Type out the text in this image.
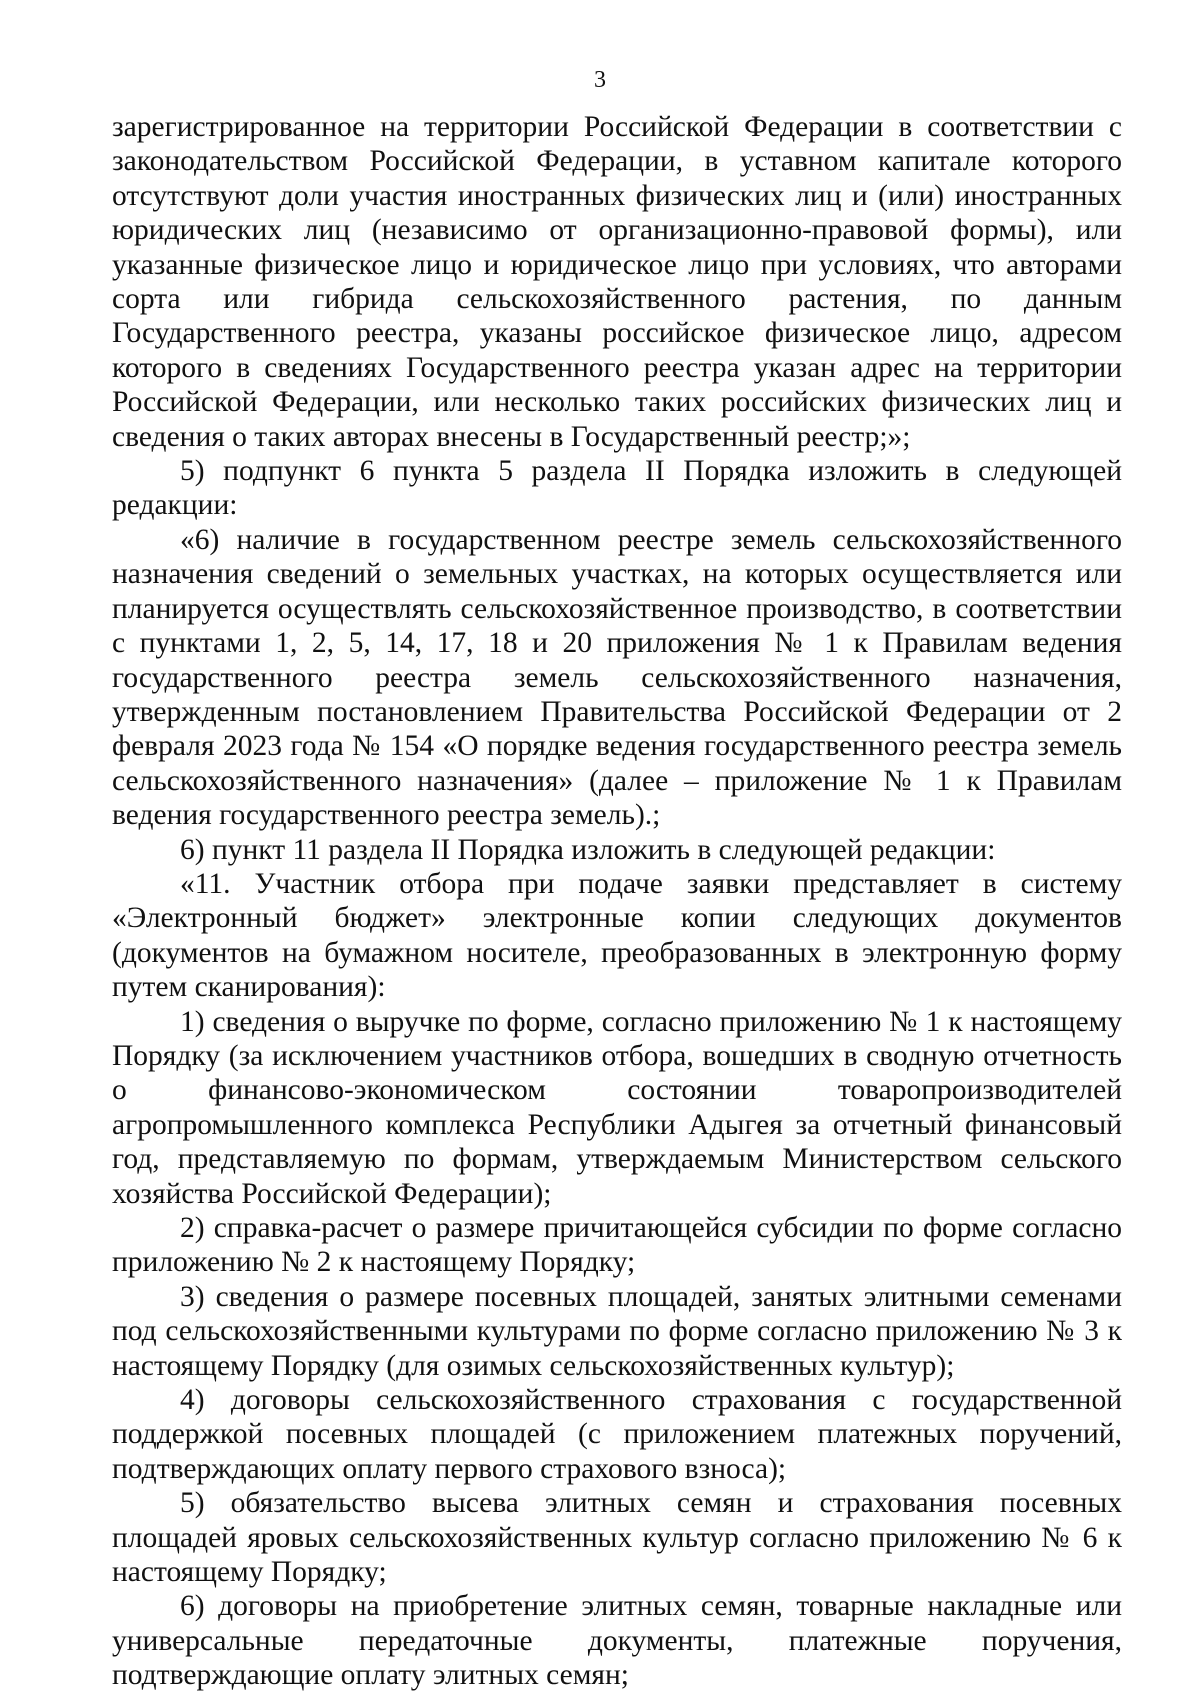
3

зарегистрированное на территории Российской Федерации в соответствии с законодательством Российской Федерации, в уставном капитале которого отсутствуют доли участия иностранных физических лиц и (или) иностранных юридических лиц (независимо от организационно-правовой формы), или указанные физическое лицо и юридическое лицо при условиях, что авторами сорта или гибрида сельскохозяйственного растения, по данным Государственного реестра, указаны российское физическое лицо, адресом которого в сведениях Государственного реестра указан адрес на территории Российской Федерации, или несколько таких российских физических лиц и сведения о таких авторах внесены в Государственный реестр;»;

5) подпункт 6 пункта 5 раздела II Порядка изложить в следующей редакции:

«6) наличие в государственном реестре земель сельскохозяйственного назначения сведений о земельных участках, на которых осуществляется или планируется осуществлять сельскохозяйственное производство, в соответствии с пунктами 1, 2, 5, 14, 17, 18 и 20 приложения № 1 к Правилам ведения государственного реестра земель сельскохозяйственного назначения, утвержденным постановлением Правительства Российской Федерации от 2 февраля 2023 года № 154 «О порядке ведения государственного реестра земель сельскохозяйственного назначения» (далее – приложение № 1 к Правилам ведения государственного реестра земель).;

6) пункт 11 раздела II Порядка изложить в следующей редакции:

«11. Участник отбора при подаче заявки представляет в систему «Электронный бюджет» электронные копии следующих документов (документов на бумажном носителе, преобразованных в электронную форму путем сканирования):

1) сведения о выручке по форме, согласно приложению № 1 к настоящему Порядку (за исключением участников отбора, вошедших в сводную отчетность о финансово-экономическом состоянии товаропроизводителей агропромышленного комплекса Республики Адыгея за отчетный финансовый год, представляемую по формам, утверждаемым Министерством сельского хозяйства Российской Федерации);

2) справка-расчет о размере причитающейся субсидии по форме согласно приложению № 2 к настоящему Порядку;

3) сведения о размере посевных площадей, занятых элитными семенами под сельскохозяйственными культурами по форме согласно приложению № 3 к настоящему Порядку (для озимых сельскохозяйственных культур);

4) договоры сельскохозяйственного страхования с государственной поддержкой посевных площадей (с приложением платежных поручений, подтверждающих оплату первого страхового взноса);

5) обязательство высева элитных семян и страхования посевных площадей яровых сельскохозяйственных культур согласно приложению № 6 к настоящему Порядку;

6) договоры на приобретение элитных семян, товарные накладные или универсальные передаточные документы, платежные поручения, подтверждающие оплату элитных семян;
